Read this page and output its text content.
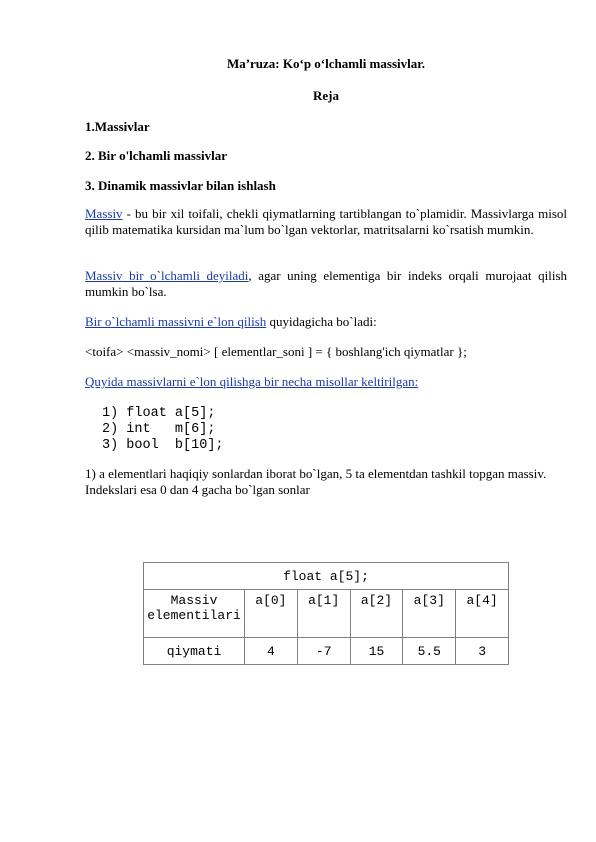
Ma’ruza: Ko‘p o‘lchamli massivlar.
Reja
1.Massivlar
2. Bir o'lchamli massivlar
3. Dinamik massivlar bilan ishlash
Massiv - bu bir xil toifali, chekli qiymatlarning tartiblangan to`plamidir. Massivlarga misol qilib matematika kursidan ma`lum bo`lgan vektorlar, matritsalarni ko`rsatish mumkin.
Massiv bir o`lchamli deyiladi, agar uning elementiga bir indeks orqali murojaat qilish mumkin bo`lsa.
Bir o`lchamli massivni e`lon qilish quyidagicha bo`ladi:
<toifa> <massiv_nomi> [ elementlar_soni ] = { boshlang'ich qiymatlar };
Quyida massivlarni e`lon qilishga bir necha misollar keltirilgan:
1) float a[5];
2) int   m[6];
3) bool  b[10];
1) a elementlari haqiqiy sonlardan iborat bo`lgan, 5 ta elementdan tashkil topgan massiv. Indekslari esa 0 dan 4 gacha bo`lgan sonlar
float a[5];					
Massiv
elementilari	a[0]	a[1]	a[2]	a[3]	a[4]
qiymati	4	-7	15	5.5	3
